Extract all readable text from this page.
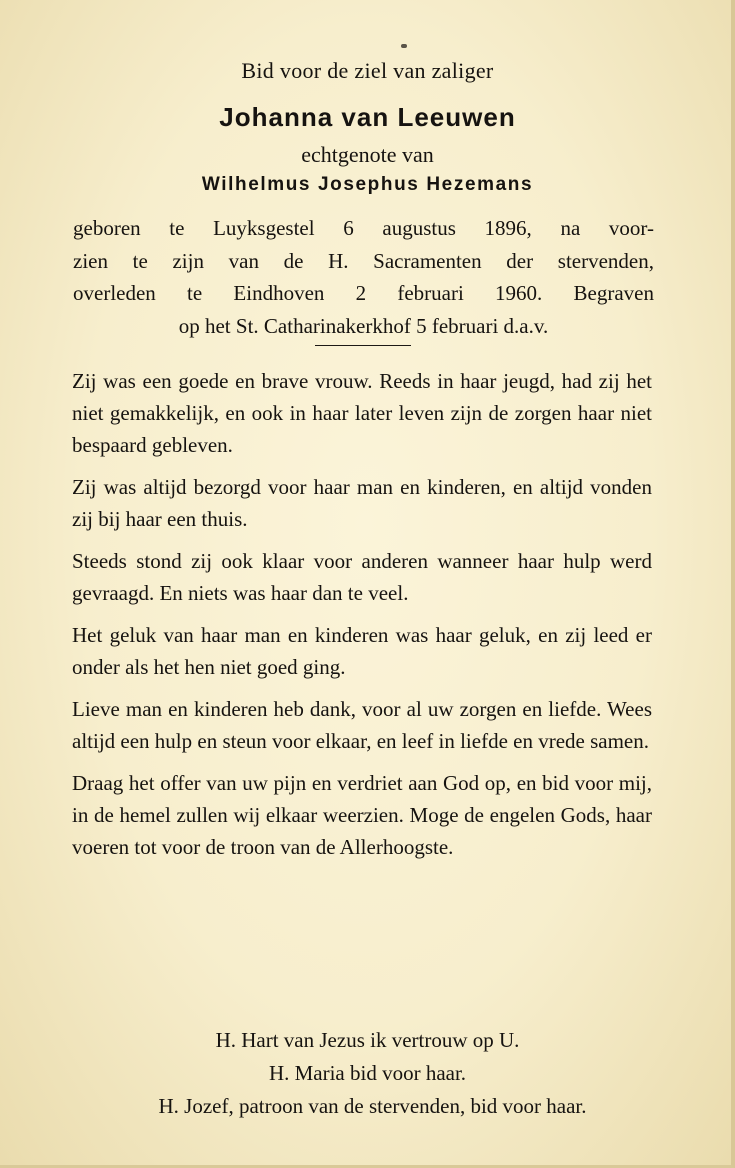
Bid voor de ziel van zaliger
Johanna van Leeuwen
echtgenote van
Wilhelmus Josephus Hezemans
geboren te Luyksgestel 6 augustus 1896, na voor-
zien te zijn van de H. Sacramenten der stervenden,
overleden te Eindhoven 2 februari 1960. Begraven
op het St. Catharinakerkhof 5 februari d.a.v.

Zij was een goede en brave vrouw. Reeds in haar jeugd, had zij het niet gemakkelijk, en ook in haar later leven zijn de zorgen haar niet bespaard gebleven.

Zij was altijd bezorgd voor haar man en kinderen, en altijd vonden zij bij haar een thuis.

Steeds stond zij ook klaar voor anderen wanneer haar hulp werd gevraagd. En niets was haar dan te veel.

Het geluk van haar man en kinderen was haar geluk, en zij leed er onder als het hen niet goed ging.

Lieve man en kinderen heb dank, voor al uw zorgen en liefde. Wees altijd een hulp en steun voor elkaar, en leef in liefde en vrede samen.

Draag het offer van uw pijn en verdriet aan God op, en bid voor mij, in de hemel zullen wij elkaar weerzien. Moge de engelen Gods, haar voeren tot voor de troon van de Allerhoogste.

H. Hart van Jezus ik vertrouw op U.
H. Maria bid voor haar.
H. Jozef, patroon van de stervenden, bid voor haar.
